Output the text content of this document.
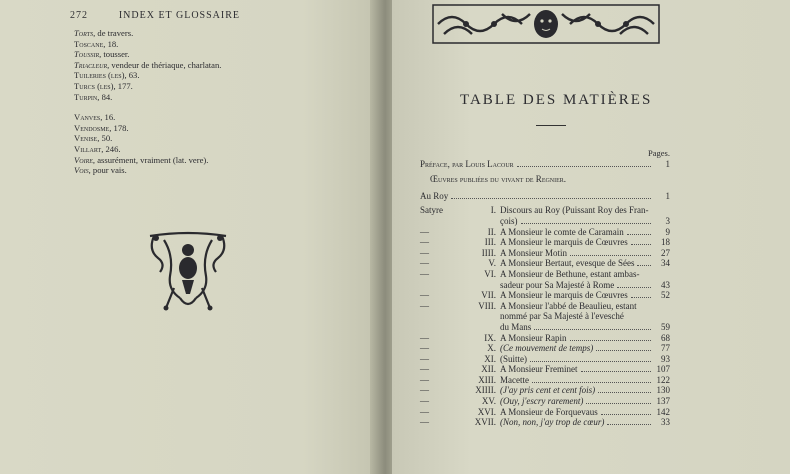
272	INDEX ET GLOSSAIRE
Torts, de travers.
Toscane, 18.
Toussir, tousser.
Triacleur, vendeur de thériaque, charlatan.
Tuileries (les), 63.
Turcs (les), 177.
Turpin, 84.
Vanves, 16.
Vendosme, 178.
Venise, 50.
Villart, 246.
Voire, assurément, vraiment (lat. vere).
Vois, pour vais.
TABLE DES MATIÈRES
Pages.
Préface, par Louis Lacour	1
Œuvres publiées du vivant de Regnier.
Au Roy	1
Satyre	I. Discours au Roy (Puissant Roy des Fran-
çois)	3
—	II. A Monsieur le comte de Caramain	9
—	III. A Monsieur le marquis de Cœuvres	18
—	IIII. A Monsieur Motin	27
—	V. A Monsieur Bertaut, evesque de Sées	34
—	VI. A Monsieur de Bethune, estant ambas-
sadeur pour Sa Majesté à Rome	43
—	VII. A Monsieur le marquis de Cœuvres	52
—	VIII. A Monsieur l'abbé de Beaulieu, estant
nommé par Sa Majesté à l'evesché
du Mans	59
—	IX. A Monsieur Rapin	68
—	X. (Ce mouvement de temps)	77
—	XI. (Suitte)	93
—	XII. A Monsieur Freminet	107
—	XIII. Macette	122
—	XIIII. (J'ay pris cent et cent fois)	130
—	XV. (Ouy, j'escry rarement)	137
—	XVI. A Monsieur de Forquevaus	142
—	XVII. (Non, non, j'ay trop de cœur)	33
